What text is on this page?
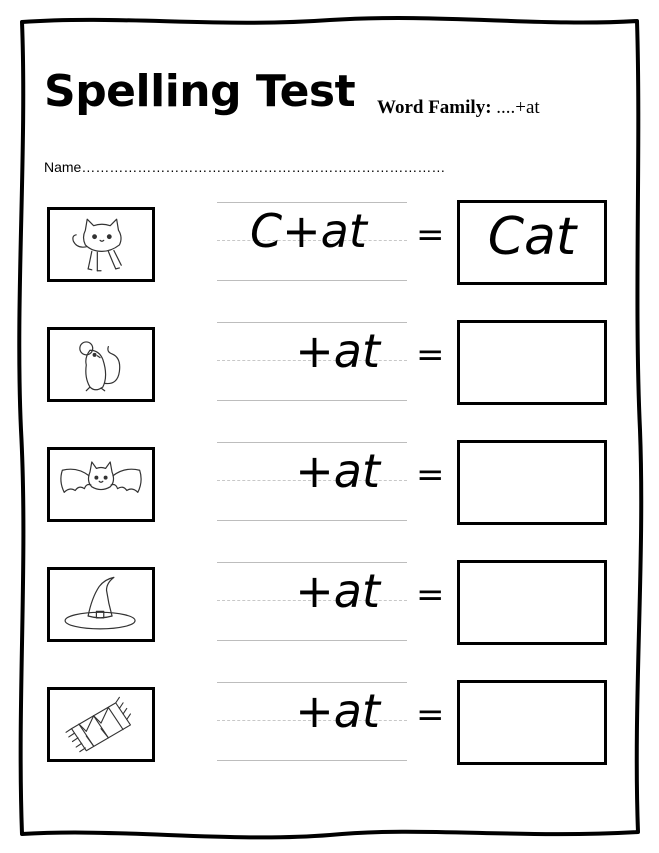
Spelling Test Word Family: ....+at
Name……………………………………………………………………
C+at = Cat
+at =
+at =
+at =
+at =
